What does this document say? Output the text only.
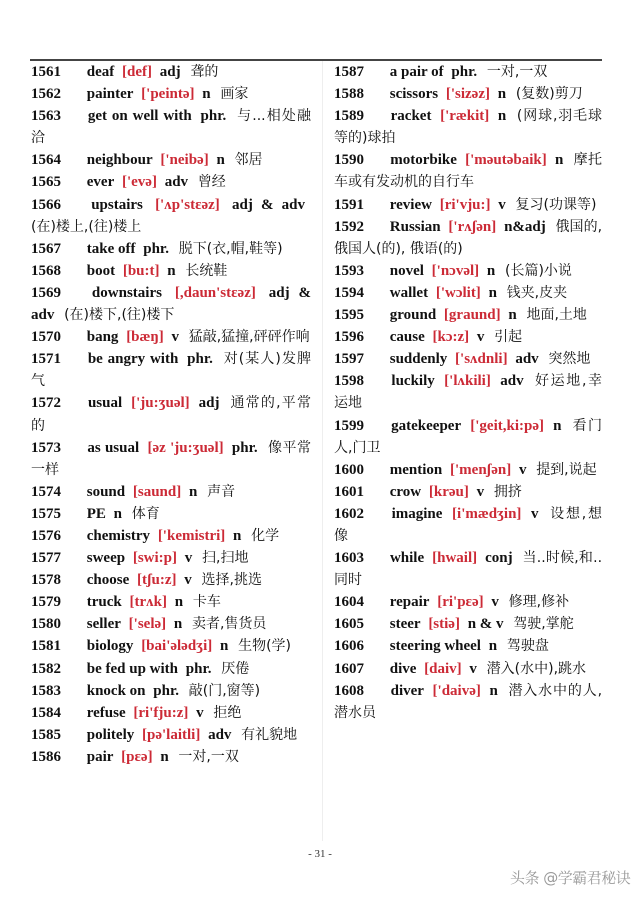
1561 deaf [def] adj 聋的
1562 painter ['peintə] n 画家
1563 get on well with phr. 与...相处融洽
1564 neighbour ['neibə] n 邻居
1565 ever ['evə] adv 曾经
1566 upstairs ['ʌp'stɛəz] adj & adv (在)楼上,(往)楼上
1567 take off phr. 脱下(衣,帽,鞋等)
1568 boot [bu:t] n 长统鞋
1569 downstairs [,daun'stɛəz] adj & adv (在)楼下,(往)楼下
1570 bang [bæŋ] v 猛敲,猛撞,砰砰作响
1571 be angry with phr. 对(某人)发脾气
1572 usual ['ju:ʒuəl] adj 通常的,平常的
1573 as usual [əz 'ju:ʒuəl] phr. 像平常一样
1574 sound [saund] n 声音
1575 PE n 体育
1576 chemistry ['kemistri] n 化学
1577 sweep [swi:p] v 扫,扫地
1578 choose [tʃu:z] v 选择,挑选
1579 truck [trʌk] n 卡车
1580 seller ['selə] n 卖者,售货员
1581 biology [bai'ələdʒi] n 生物(学)
1582 be fed up with phr. 厌倦
1583 knock on phr. 敲(门,窗等)
1584 refuse [ri'fju:z] v 拒绝
1585 politely [pə'laitli] adv 有礼貌地
1586 pair [pɛə] n 一对,一双
1587 a pair of phr. 一对,一双
1588 scissors ['sizəz] n (复数)剪刀
1589 racket ['rækit] n (网球,羽毛球等的)球拍
1590 motorbike ['məutəbaik] n 摩托车或有发动机的自行车
1591 review [ri'vju:] v 复习(功课等)
1592 Russian ['rʌʃən] n&adj 俄国的,俄国人(的), 俄语(的)
1593 novel ['nɔvəl] n (长篇)小说
1594 wallet ['wɔlit] n 钱夹,皮夹
1595 ground [graund] n 地面,土地
1596 cause [kɔ:z] v 引起
1597 suddenly ['sʌdnli] adv 突然地
1598 luckily ['lʌkili] adv 好运地,幸运地
1599 gatekeeper ['geit,ki:pə] n 看门人,门卫
1600 mention ['menʃən] v 提到,说起
1601 crow [krəu] v 拥挤
1602 imagine [i'mædʒin] v 设想,想像
1603 while [hwail] conj 当..时候,和..同时
1604 repair [ri'pɛə] v 修理,修补
1605 steer [stiə] n & v 驾驶,掌舵
1606 steering wheel n 驾驶盘
1607 dive [daiv] v 潜入(水中),跳水
1608 diver ['daivə] n 潜入水中的人,潜水员
- 31 -
头条 @学霸君秘诀
